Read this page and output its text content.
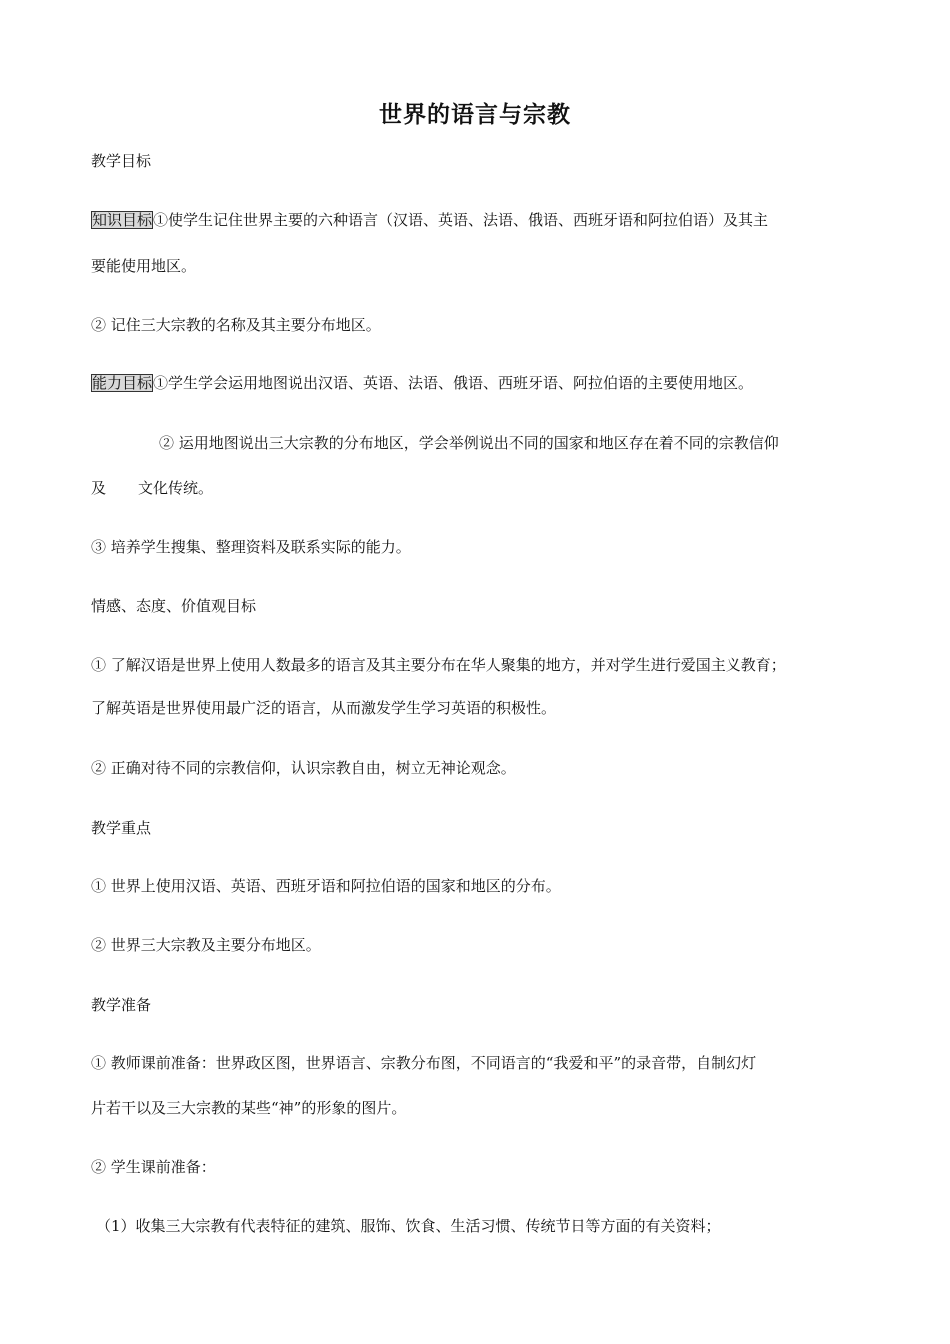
世界的语言与宗教
教学目标
知识目标①使学生记住世界主要的六种语言（汉语、英语、法语、俄语、西班牙语和阿拉伯语）及其主
要能使用地区。
② 记住三大宗教的名称及其主要分布地区。
能力目标①学生学会运用地图说出汉语、英语、法语、俄语、西班牙语、阿拉伯语的主要使用地区。
② 运用地图说出三大宗教的分布地区，学会举例说出不同的国家和地区存在着不同的宗教信仰
及 文化传统。
③ 培养学生搜集、整理资料及联系实际的能力。
情感、态度、价值观目标
① 了解汉语是世界上使用人数最多的语言及其主要分布在华人聚集的地方，并对学生进行爱国主义教育；
了解英语是世界使用最广泛的语言，从而激发学生学习英语的积极性。
② 正确对待不同的宗教信仰，认识宗教自由，树立无神论观念。
教学重点
① 世界上使用汉语、英语、西班牙语和阿拉伯语的国家和地区的分布。
② 世界三大宗教及主要分布地区。
教学准备
① 教师课前准备：世界政区图，世界语言、宗教分布图，不同语言的“我爱和平”的录音带，自制幻灯
片若干以及三大宗教的某些“神”的形象的图片。
② 学生课前准备：
（1）收集三大宗教有代表特征的建筑、服饰、饮食、生活习惯、传统节日等方面的有关资料；
